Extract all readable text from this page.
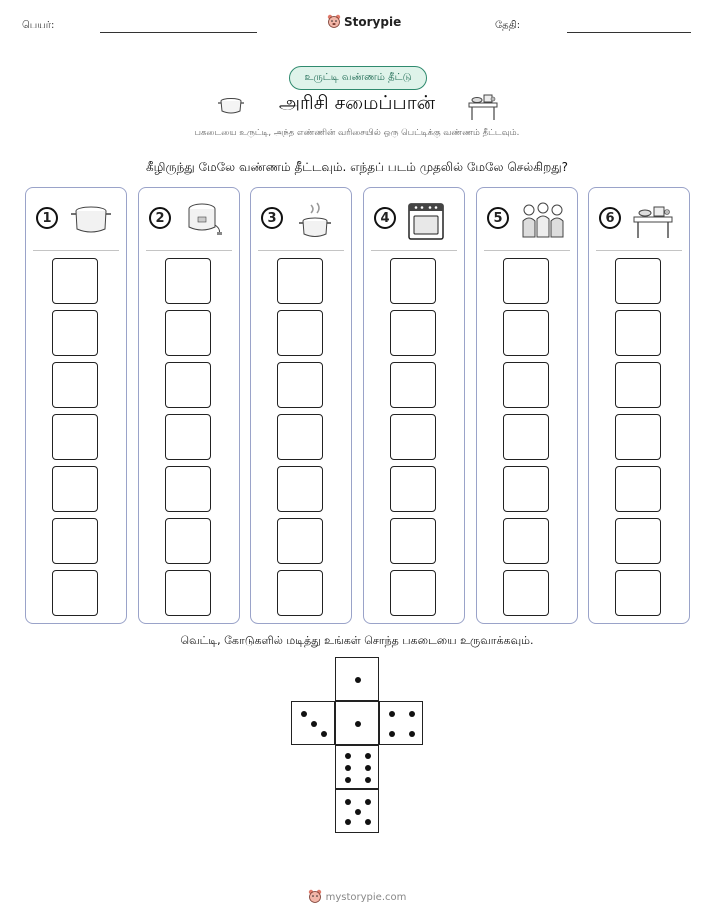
பெயர்:	Storypie	தேதி:
உருட்டி வண்ணம் தீட்டு
அரிசி சமைப்பான்
பகடையை உருட்டி, அந்த எண்ணின் வரிசையில் ஒரு பெட்டிக்கு வண்ணம் தீட்டவும்.
கீழிருந்து மேலே வண்ணம் தீட்டவும். எந்தப் படம் முதலில் மேலே செல்கிறது?
1	2	3	4	5	6
வெட்டி, கோடுகளில் மடித்து உங்கள் சொந்த பகடையை உருவாக்கவும்.
mystorypie.com
